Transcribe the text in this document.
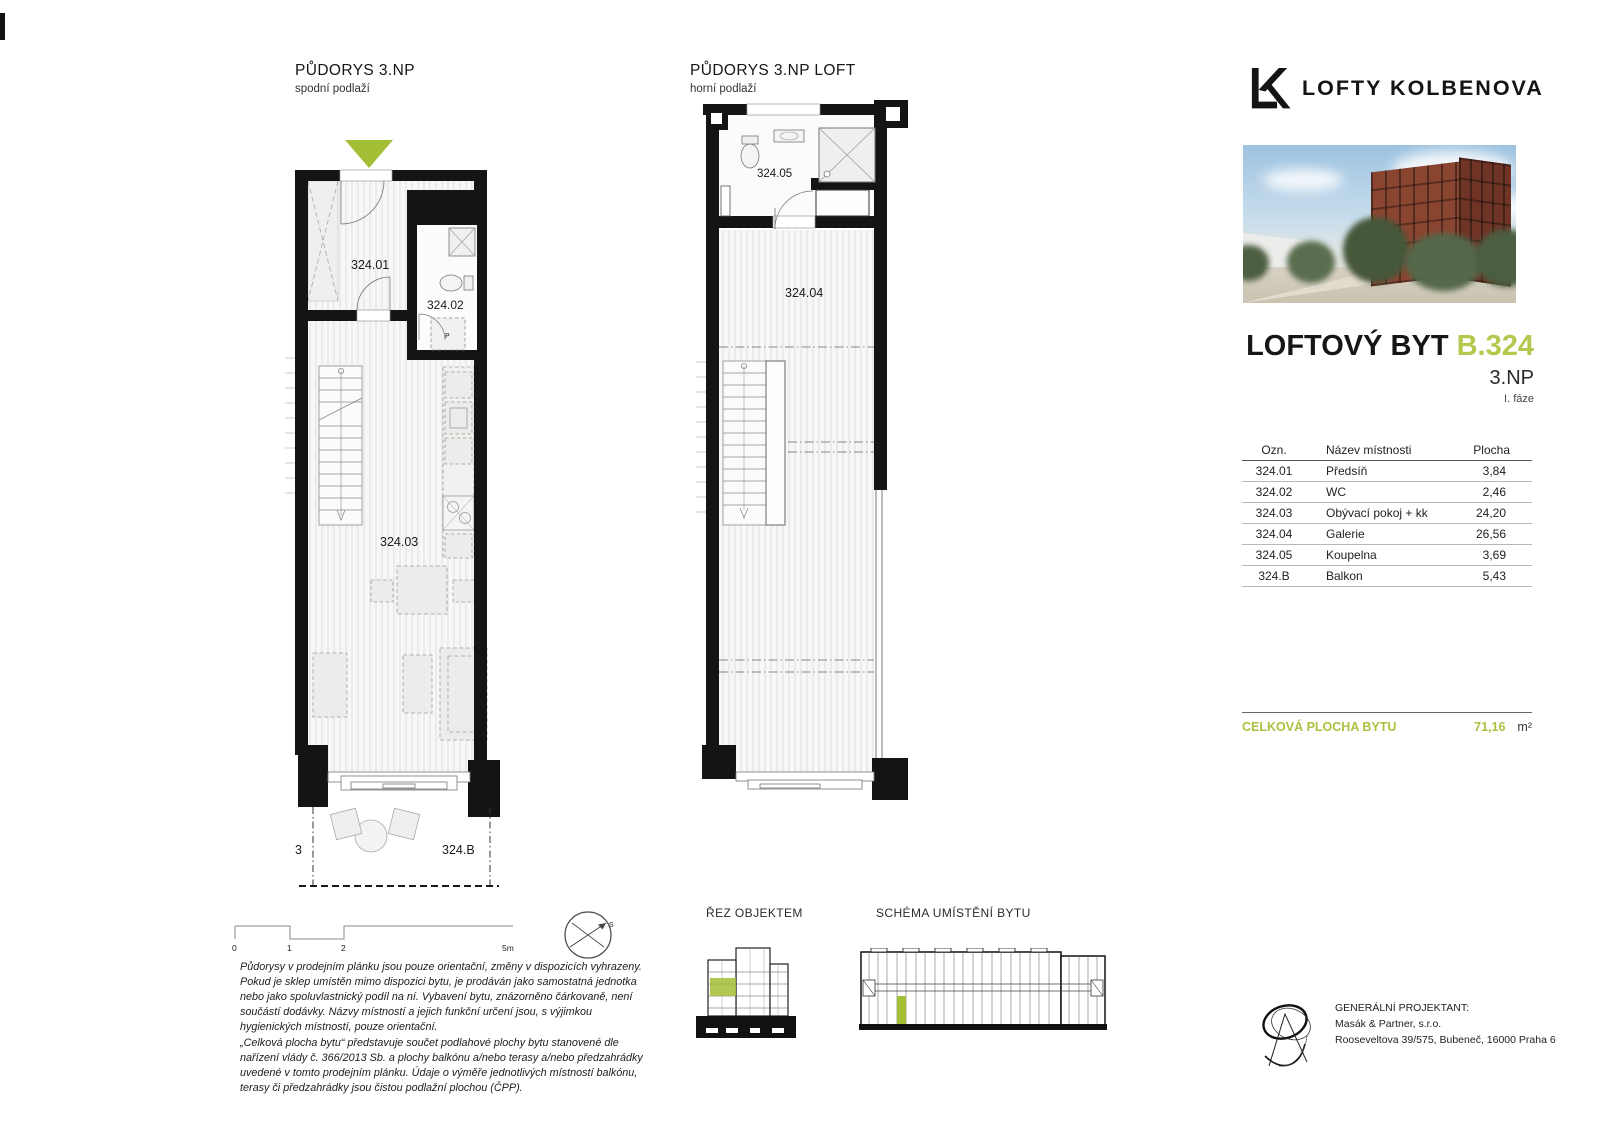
PŮDORYS 3.NP
spodní podlaží
PŮDORYS 3.NP LOFT
horní podlaží
P
324.01
324.02
324.03
324.B
3
324.05
324.04
LOFTY KOLBENOVA
LOFTOVÝ BYT B.324
3.NP
I. fáze
Ozn.	Název místnosti	Plocha
324.01	Předsíň	3,84
324.02	WC	2,46
324.03	Obývací pokoj + kk	24,20
324.04	Galerie	26,56
324.05	Koupelna	3,69
324.B	Balkon	5,43
CELKOVÁ PLOCHA BYTU	71,16 m²
0	1	2	5m
S

Půdorysy v prodejním plánku jsou pouze orientační, změny v dispozicích vyhrazeny. Pokud je sklep umístěn mimo dispozici bytu, je prodáván jako samostatná jednotka nebo jako spoluvlastnický podíl na ní. Vybavení bytu, znázorněno čárkovaně, není součástí dodávky. Názvy místností a jejich funkční určení jsou, s výjimkou hygienických místností, pouze orientační.

„Celková plocha bytu“ představuje součet podlahové plochy bytu stanovené dle nařízení vlády č. 366/2013 Sb. a plochy balkónu a/nebo terasy a/nebo předzahrádky uvedené v tomto prodejním plánku. Údaje o výměře jednotlivých místností balkónu, terasy či předzahrádky jsou čistou podlažní plochou (ČPP).

ŘEZ OBJEKTEM	SCHÉMA UMÍSTĚNÍ BYTU
GENERÁLNÍ PROJEKTANT:
Masák & Partner, s.r.o.
Rooseveltova 39/575, Bubeneč, 16000 Praha 6
